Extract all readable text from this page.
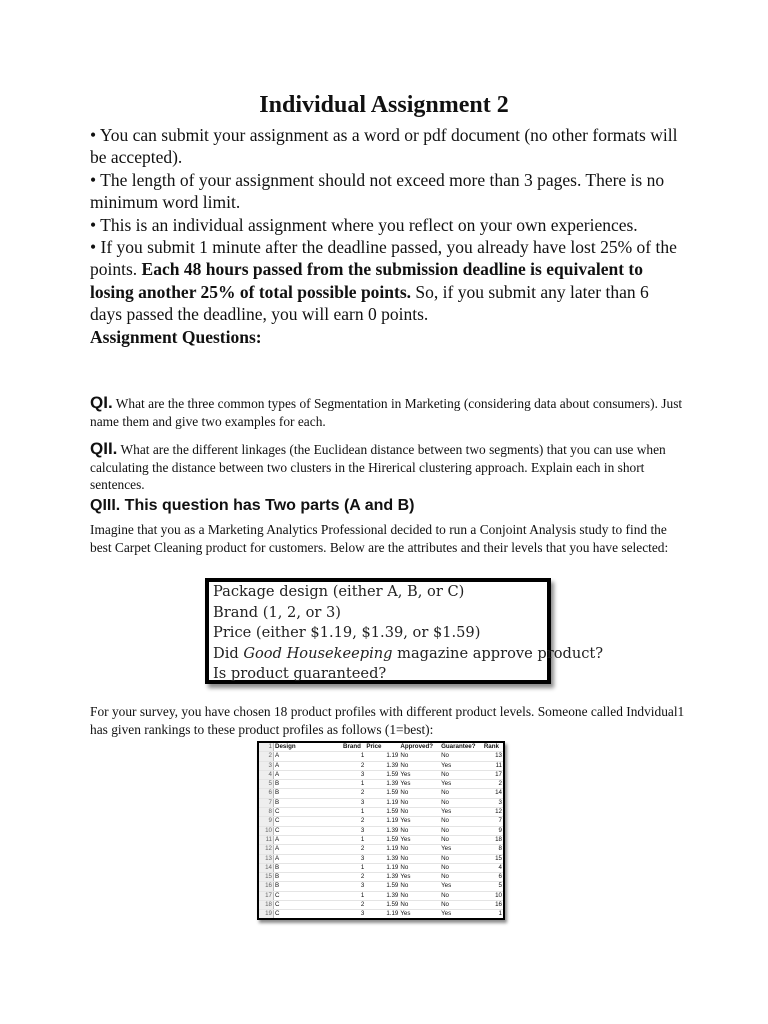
Individual Assignment 2

• You can submit your assignment as a word or pdf document (no other formats will be accepted).

• The length of your assignment should not exceed more than 3 pages. There is no minimum word limit.

• This is an individual assignment where you reflect on your own experiences.

• If you submit 1 minute after the deadline passed, you already have lost 25% of the points. Each 48 hours passed from the submission deadline is equivalent to losing another 25% of total possible points. So, if you submit any later than 6 days passed the deadline, you will earn 0 points.

Assignment Questions:

QI. What are the three common types of Segmentation in Marketing (considering data about consumers). Just name them and give two examples for each.
QII. What are the different linkages (the Euclidean distance between two segments) that you can use when calculating the distance between two clusters in the Hirerical clustering approach. Explain each in short sentences.
QIII. This question has Two parts (A and B)
Imagine that you as a Marketing Analytics Professional decided to run a Conjoint Analysis study to find the best Carpet Cleaning product for customers. Below are the attributes and their levels that you have selected:
Package design (either A, B, or C)
Brand (1, 2, or 3)
Price (either $1.19, $1.39, or $1.59)
Did Good Housekeeping magazine approve product?
Is product guaranteed?
For your survey, you have chosen 18 product profiles with different product levels. Someone called Indvidual1 has given rankings to these product profiles as follows (1=best):
1	Design	Brand	Price	Approved?	Guarantee?	Rank
2	A	1	1.19	No	No	13
3	A	2	1.39	No	Yes	11
4	A	3	1.59	Yes	No	17
5	B	1	1.39	Yes	Yes	2
6	B	2	1.59	No	No	14
7	B	3	1.19	No	No	3
8	C	1	1.59	No	Yes	12
9	C	2	1.19	Yes	No	7
10	C	3	1.39	No	No	9
11	A	1	1.59	Yes	No	18
12	A	2	1.19	No	Yes	8
13	A	3	1.39	No	No	15
14	B	1	1.19	No	No	4
15	B	2	1.39	Yes	No	6
16	B	3	1.59	No	Yes	5
17	C	1	1.39	No	No	10
18	C	2	1.59	No	No	16
19	C	3	1.19	Yes	Yes	1
